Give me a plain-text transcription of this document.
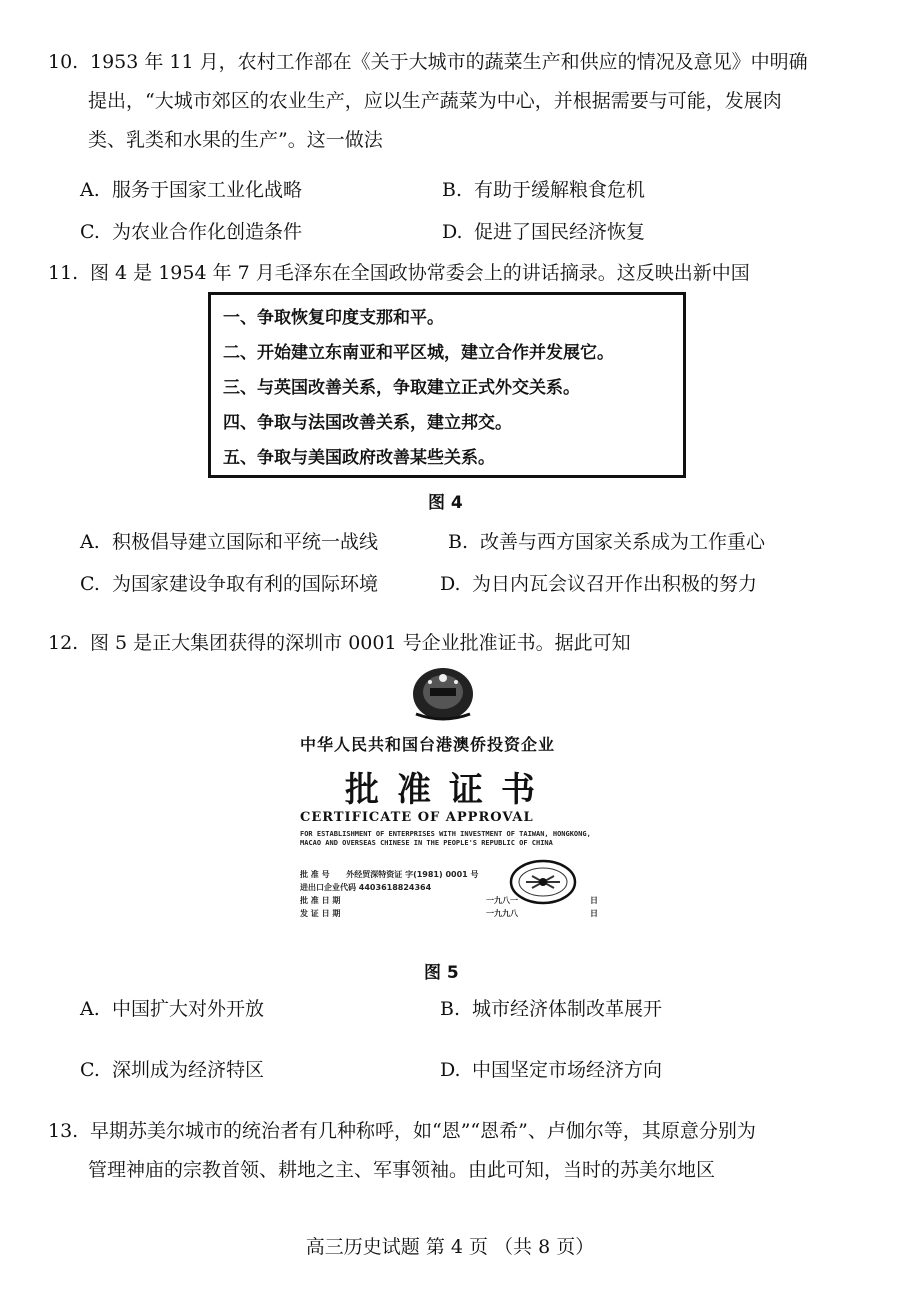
10. 1953 年 11 月，农村工作部在《关于大城市的蔬菜生产和供应的情况及意见》中明确
提出，“大城市郊区的农业生产，应以生产蔬菜为中心，并根据需要与可能，发展肉
类、乳类和水果的生产”。这一做法
A. 服务于国家工业化战略	B. 有助于缓解粮食危机
C. 为农业合作化创造条件	D. 促进了国民经济恢复
11. 图 4 是 1954 年 7 月毛泽东在全国政协常委会上的讲话摘录。这反映出新中国
一、争取恢复印度支那和平。
二、开始建立东南亚和平区城，建立合作并发展它。
三、与英国改善关系，争取建立正式外交关系。
四、争取与法国改善关系，建立邦交。
五、争取与美国政府改善某些关系。
图 4
A. 积极倡导建立国际和平统一战线	B. 改善与西方国家关系成为工作重心
C. 为国家建设争取有利的国际环境	D. 为日内瓦会议召开作出积极的努力
12. 图 5 是正大集团获得的深圳市 0001 号企业批准证书。据此可知
中华人民共和国台港澳侨投资企业
批准证书
CERTIFICATE OF APPROVAL
FOR ESTABLISHMENT OF ENTERPRISES WITH INVESTMENT OF TAIWAN, HONGKONG, MACAO AND OVERSEAS CHINESE IN THE PEOPLE'S REPUBLIC OF CHINA
批 准 号 外经贸深特资证 字(1981) 0001 号
进出口企业代码 4403618824364
批 准 日 期	一九八一	日
发 证 日 期	一九九八	日
图 5
A. 中国扩大对外开放	B. 城市经济体制改革展开
C. 深圳成为经济特区	D. 中国坚定市场经济方向
13. 早期苏美尔城市的统治者有几种称呼，如“恩”“恩希”、卢伽尔等，其原意分别为
管理神庙的宗教首领、耕地之主、军事领袖。由此可知，当时的苏美尔地区
高三历史试题 第 4 页 （共 8 页）
